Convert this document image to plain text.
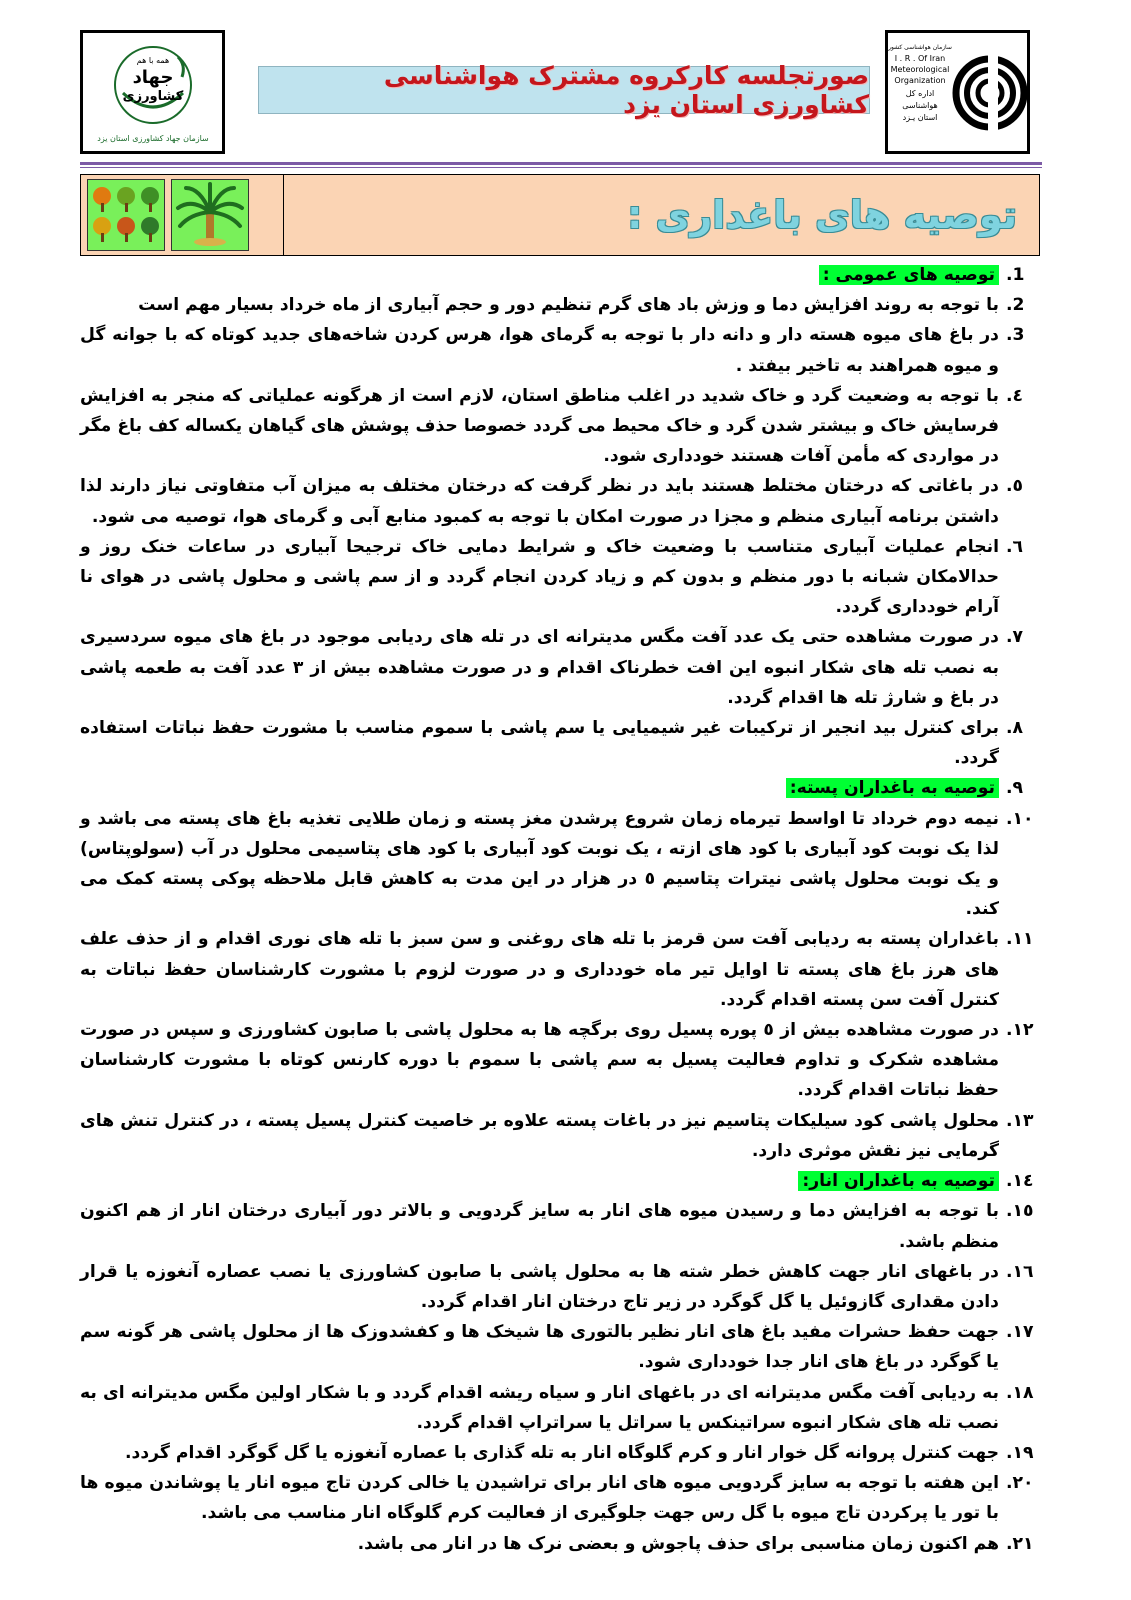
همه با هم
جهاد
کشاورزی
سازمان جهاد کشاورزی استان یزد
صورتجلسه کارکروه مشترک هواشناسی کشاورزی استان یزد
سازمان هواشناسی کشور
I . R . Of Iran
Meteorological
Organization
اداره کل
هواشناسی
استان یـزد
توصیه های باغداری :
1.

توصیه های عمومی :

2.

با توجه به روند افزایش دما و وزش باد های گرم تنظیم دور و حجم آبیاری از ماه خرداد بسیار مهم است

3.

در باغ های میوه هسته دار و دانه دار با توجه به گرمای هوا، هرس کردن شاخه‌های جدید کوتاه که با جوانه گل و میوه همراهند به تاخیر بیفتد .

٤.

با توجه به وضعیت گرد و خاک شدید در اغلب مناطق استان، لازم است از هرگونه عملیاتی که منجر به افزایش فرسایش خاک و بیشتر شدن گرد و خاک محیط می گردد خصوصا حذف پوشش های گیاهان یکساله کف باغ مگر در مواردی که مأمن آفات هستند خودداری شود.

٥.

در باغاتی که درختان مختلط هستند باید در نظر گرفت که درختان مختلف به میزان آب متفاوتی نیاز دارند لذا داشتن برنامه آبیاری منظم و مجزا در صورت امکان با توجه به کمبود منابع آبی و گرمای هوا، توصیه می شود.

٦.

انجام عملیات آبیاری متناسب با وضعیت خاک و شرایط دمایی خاک ترجیحا آبیاری در ساعات خنک روز و حدالامکان شبانه با دور منظم و بدون کم و زیاد کردن انجام گردد و از سم پاشی و محلول پاشی در هوای نا آرام خودداری گردد.

٧.

در صورت مشاهده حتی یک عدد آفت مگس مدیترانه ای در تله های ردیابی موجود در باغ های میوه سردسیری به نصب تله های شکار انبوه این افت خطرناک اقدام و در صورت مشاهده بیش از ۳ عدد آفت به طعمه پاشی در باغ و شارژ تله ها اقدام گردد.

٨.

برای کنترل بید انجیر از ترکیبات غیر شیمیایی یا سم پاشی با سموم مناسب با مشورت حفظ نباتات استفاده گردد.

٩.

توصیه به باغداران پسته:

١٠.

نیمه دوم خرداد تا اواسط تیرماه زمان شروع پرشدن مغز پسته و زمان طلایی تغذیه باغ های پسته می باشد و لذا یک نوبت کود آبیاری با کود های ازته ، یک نوبت کود آبیاری با کود های پتاسیمی محلول در آب (سولوپتاس) و یک نوبت محلول پاشی نیترات پتاسیم ٥ در هزار در این مدت به کاهش قابل ملاحظه پوکی پسته کمک می کند.

١١.

باغداران پسته به ردیابی آفت سن قرمز با تله های روغنی و سن سبز با تله های نوری اقدام و از حذف علف های هرز باغ های پسته تا اوایل تیر ماه خودداری و در صورت لزوم با مشورت کارشناسان حفظ نباتات به کنترل آفت سن پسته اقدام گردد.

١٢.

در صورت مشاهده بیش از ٥ پوره پسیل روی برگچه ها به محلول پاشی با صابون کشاورزی و سپس در صورت مشاهده شکرک و تداوم فعالیت پسیل به سم پاشی با سموم با دوره کارنس کوتاه با مشورت کارشناسان حفظ نباتات اقدام گردد.

١٣.

محلول پاشی کود سیلیکات پتاسیم نیز در باغات پسته علاوه بر خاصیت کنترل پسیل پسته ، در کنترل تنش های گرمایی نیز نقش موثری دارد.

١٤.

توصیه به باغداران انار:

١٥.

با توجه به افزایش دما و رسیدن میوه های انار به سایز گردویی و بالاتر دور آبیاری درختان انار از هم اکنون منظم باشد.

١٦.

در باغهای انار جهت کاهش خطر شته ها به محلول پاشی با صابون کشاورزی یا نصب عصاره آنغوزه یا قرار دادن مقداری گازوئیل یا گل گوگرد در زیر تاج درختان انار اقدام گردد.

١٧.

جهت حفظ حشرات مفید باغ های انار نظیر بالتوری ها شیخک ها و کفشدوزک ها از محلول پاشی هر گونه سم یا گوگرد در باغ های انار جدا خودداری شود.

١٨.

به ردیابی آفت مگس مدیترانه ای در باغهای انار و سیاه ریشه اقدام گردد و با شکار اولین مگس مدیترانه ای به نصب تله های شکار انبوه سراتینکس یا سراتل یا سراتراپ اقدام گردد.

١٩.

جهت کنترل پروانه گل خوار انار و کرم گلوگاه انار به تله گذاری با عصاره آنغوزه یا گل گوگرد اقدام گردد.

٢٠.

این هفته با توجه به سایز گردویی میوه های انار برای تراشیدن یا خالی کردن تاج میوه انار یا پوشاندن میوه ها با تور یا پرکردن تاج میوه با گل رس جهت جلوگیری از فعالیت کرم گلوگاه انار مناسب می باشد.

٢١.

هم اکنون زمان مناسبی برای حذف پاجوش و بعضی نرک ها در انار می باشد.
